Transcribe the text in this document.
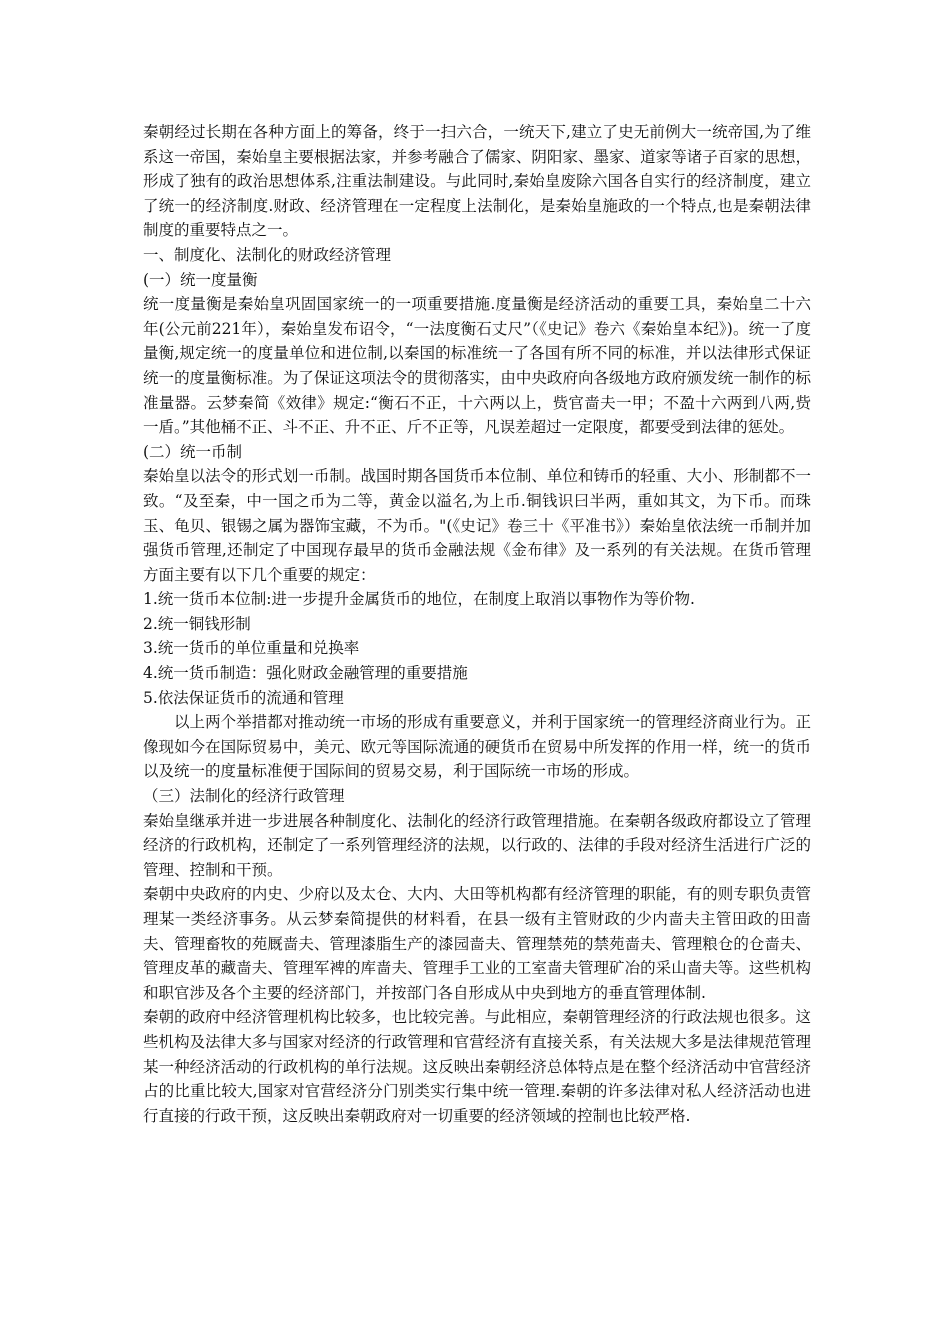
秦朝经过长期在各种方面上的筹备，终于一扫六合，一统天下,建立了史无前例大一统帝国,为了维系这一帝国，秦始皇主要根据法家，并参考融合了儒家、阴阳家、墨家、道家等诸子百家的思想，形成了独有的政治思想体系,注重法制建设。与此同时,秦始皇废除六国各自实行的经济制度，建立了统一的经济制度.财政、经济管理在一定程度上法制化，是秦始皇施政的一个特点,也是秦朝法律制度的重要特点之一。

一、制度化、法制化的财政经济管理

(一）统一度量衡

统一度量衡是秦始皇巩固国家统一的一项重要措施.度量衡是经济活动的重要工具，秦始皇二十六年(公元前221年），秦始皇发布诏令，“一法度衡石丈尺”（《史记》卷六《秦始皇本纪》)。统一了度量衡,规定统一的度量单位和进位制,以秦国的标准统一了各国有所不同的标准，并以法律形式保证统一的度量衡标准。为了保证这项法令的贯彻落实，由中央政府向各级地方政府颁发统一制作的标准量器。云梦秦简《效律》规定:“衡石不正，十六两以上，赀官啬夫一甲；不盈十六两到八两,赀一盾。”其他桶不正、斗不正、升不正、斤不正等，凡误差超过一定限度，都要受到法律的惩处。

(二）统一币制

秦始皇以法令的形式划一币制。战国时期各国货币本位制、单位和铸币的轻重、大小、形制都不一致。“及至秦，中一国之币为二等，黄金以溢名,为上币.铜钱识曰半两，重如其文，为下币。而珠玉、龟贝、银锡之属为器饰宝藏，不为币。"(《史记》卷三十《平准书》）秦始皇依法统一币制并加强货币管理,还制定了中国现存最早的货币金融法规《金布律》及一系列的有关法规。在货币管理方面主要有以下几个重要的规定：

1.统一货币本位制:进一步提升金属货币的地位，在制度上取消以事物作为等价物.

2.统一铜钱形制

3.统一货币的单位重量和兑换率

4.统一货币制造：强化财政金融管理的重要措施

5.依法保证货币的流通和管理

以上两个举措都对推动统一市场的形成有重要意义，并利于国家统一的管理经济商业行为。正像现如今在国际贸易中，美元、欧元等国际流通的硬货币在贸易中所发挥的作用一样，统一的货币以及统一的度量标准便于国际间的贸易交易，利于国际统一市场的形成。

（三）法制化的经济行政管理

秦始皇继承并进一步进展各种制度化、法制化的经济行政管理措施。在秦朝各级政府都设立了管理经济的行政机构，还制定了一系列管理经济的法规，以行政的、法律的手段对经济生活进行广泛的管理、控制和干预。

秦朝中央政府的内史、少府以及太仓、大内、大田等机构都有经济管理的职能，有的则专职负责管理某一类经济事务。从云梦秦简提供的材料看，在县一级有主管财政的少内啬夫主管田政的田啬夫、管理畜牧的苑厩啬夫、管理漆脂生产的漆园啬夫、管理禁苑的禁苑啬夫、管理粮仓的仓啬夫、管理皮革的藏啬夫、管理军裨的库啬夫、管理手工业的工室啬夫管理矿冶的采山啬夫等。这些机构和职官涉及各个主要的经济部门，并按部门各自形成从中央到地方的垂直管理体制.

秦朝的政府中经济管理机构比较多，也比较完善。与此相应，秦朝管理经济的行政法规也很多。这些机构及法律大多与国家对经济的行政管理和官营经济有直接关系，有关法规大多是法律规范管理某一种经济活动的行政机构的单行法规。这反映出秦朝经济总体特点是在整个经济活动中官营经济占的比重比较大,国家对官营经济分门别类实行集中统一管理.秦朝的许多法律对私人经济活动也进行直接的行政干预，这反映出秦朝政府对一切重要的经济领域的控制也比较严格.
